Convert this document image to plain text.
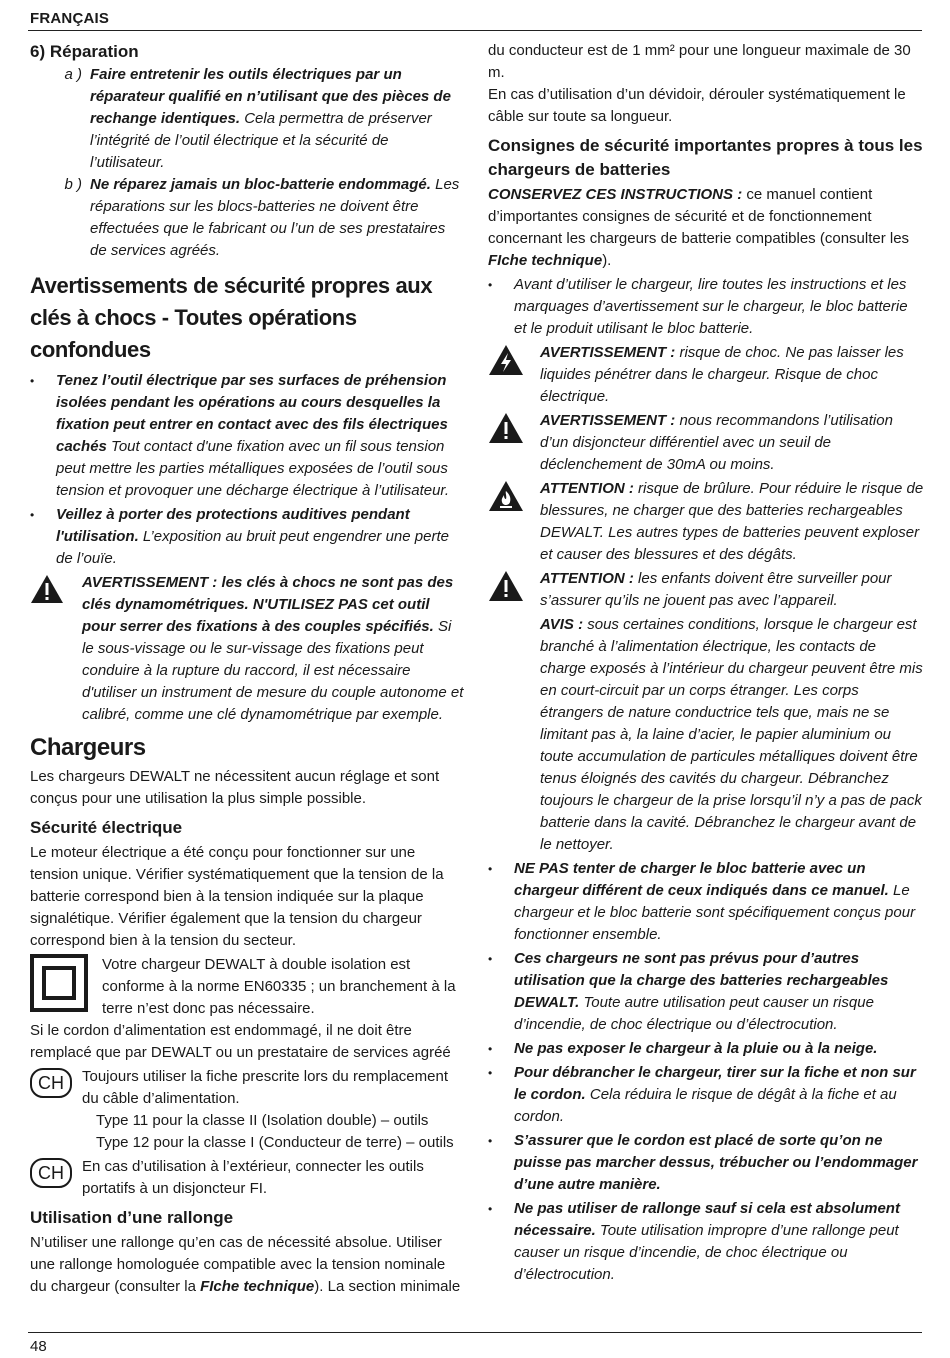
FRANÇAIS

6) Réparation

a ) Faire entretenir les outils électriques par un réparateur qualifié en n’utilisant que des pièces de rechange identiques. Cela permettra de préserver l’intégrité de l’outil électrique et la sécurité de l’utilisateur.
b ) Ne réparez jamais un bloc-batterie endommagé. Les réparations sur les blocs-batteries ne doivent être effectuées que le fabricant ou l’un de ses prestataires de services agréés.

Avertissements de sécurité propres aux clés à chocs - Toutes opérations confondues

•	Tenez l’outil électrique par ses surfaces de préhension isolées pendant les opérations au cours desquelles la fixation peut entrer en contact avec des fils électriques cachés Tout contact d'une fixation avec un fil sous tension peut mettre les parties métalliques exposées de l’outil sous tension et provoquer une décharge électrique à l’utilisateur.
•	Veillez à porter des protections auditives pendant l'utilisation. L’exposition au bruit peut engendrer une perte de l’ouïe.
AVERTISSEMENT : les clés à chocs ne sont pas des clés dynamométriques. N'UTILISEZ PAS cet outil pour serrer des fixations à des couples spécifiés. Si le sous-vissage ou le sur-vissage des fixations peut conduire à la rupture du raccord, il est nécessaire d'utiliser un instrument de mesure du couple autonome et calibré, comme une clé dynamométrique par exemple.

Chargeurs

Les chargeurs DEWALT ne nécessitent aucun réglage et sont conçus pour une utilisation la plus simple possible.

Sécurité électrique

Le moteur électrique a été conçu pour fonctionner sur une tension unique. Vérifier systématiquement que la tension de la batterie correspond bien à la tension indiquée sur la plaque signalétique. Vérifier également que la tension du chargeur correspond bien à la tension du secteur.

Votre chargeur DEWALT à double isolation est conforme à la norme EN60335 ; un branchement à la terre n’est donc pas nécessaire.

Si le cordon d’alimentation est endommagé, il ne doit être remplacé que par DEWALT ou un prestataire de services agréé

CH	Toujours utiliser la fiche prescrite lors du remplacement du câble d’alimentation.

Type 11 pour la classe II (Isolation double) – outils

Type 12 pour la classe I (Conducteur de terre) – outils

CH	En cas d’utilisation à l’extérieur, connecter les outils portatifs à un disjoncteur FI.

Utilisation d’une rallonge

N’utiliser une rallonge qu’en cas de nécessité absolue. Utiliser une rallonge homologuée compatible avec la tension nominale du chargeur (consulter la FIche technique). La section minimale

du conducteur est de 1 mm² pour une longueur maximale de 30 m.

En cas d’utilisation d’un dévidoir, dérouler systématiquement le câble sur toute sa longueur.

Consignes de sécurité importantes propres à tous les chargeurs de batteries

CONSERVEZ CES INSTRUCTIONS : ce manuel contient d’importantes consignes de sécurité et de fonctionnement concernant les chargeurs de batterie compatibles (consulter les FIche technique).

•	Avant d’utiliser le chargeur, lire toutes les instructions et les marquages d’avertissement sur le chargeur, le bloc batterie et le produit utilisant le bloc batterie.
AVERTISSEMENT : risque de choc. Ne pas laisser les liquides pénétrer dans le chargeur. Risque de choc électrique.
AVERTISSEMENT : nous recommandons l’utilisation d’un disjoncteur différentiel avec un seuil de déclenchement de 30mA ou moins.
ATTENTION : risque de brûlure. Pour réduire le risque de blessures, ne charger que des batteries rechargeables DEWALT. Les autres types de batteries peuvent exploser et causer des blessures et des dégâts.
ATTENTION : les enfants doivent être surveiller pour s’assurer qu’ils ne jouent pas avec l’appareil.
AVIS : sous certaines conditions, lorsque le chargeur est branché à l’alimentation électrique, les contacts de charge exposés à l’intérieur du chargeur peuvent être mis en court-circuit par un corps étranger. Les corps étrangers de nature conductrice tels que, mais ne se limitant pas à, la laine d’acier, le papier aluminium ou toute accumulation de particules métalliques doivent être tenus éloignés des cavités du chargeur. Débranchez toujours le chargeur de la prise lorsqu’il n’y a pas de pack batterie dans la cavité. Débranchez le chargeur avant de le nettoyer.
•	NE PAS tenter de charger le bloc batterie avec un chargeur différent de ceux indiqués dans ce manuel. Le chargeur et le bloc batterie sont spécifiquement conçus pour fonctionner ensemble.
•	Ces chargeurs ne sont pas prévus pour d’autres utilisation que la charge des batteries rechargeables DEWALT. Toute autre utilisation peut causer un risque d’incendie, de choc électrique ou d’électrocution.
•	Ne pas exposer le chargeur à la pluie ou à la neige.
•	Pour débrancher le chargeur, tirer sur la fiche et non sur le cordon. Cela réduira le risque de dégât à la fiche et au cordon.
•	S’assurer que le cordon est placé de sorte qu’on ne puisse pas marcher dessus, trébucher ou l’endommager d’une autre manière.
•	Ne pas utiliser de rallonge sauf si cela est absolument nécessaire. Toute utilisation impropre d’une rallonge peut causer un risque d’incendie, de choc électrique ou d’électrocution.
48
